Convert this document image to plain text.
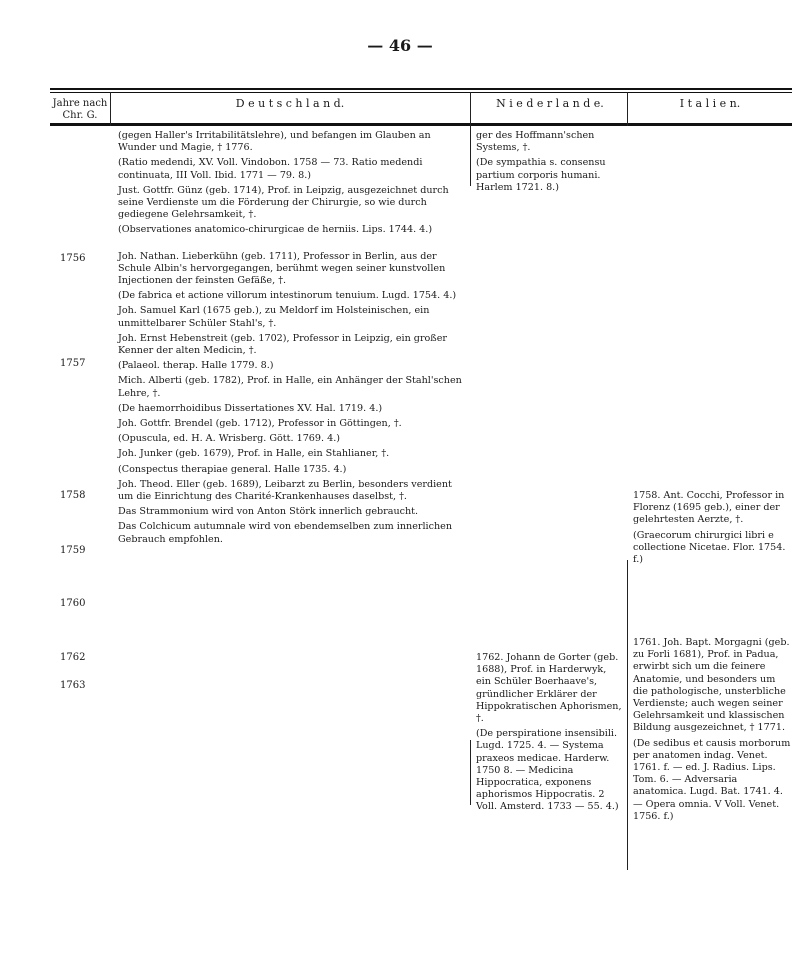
— 46 —
Jahre nach Chr. G.
D e u t s c h l a n d.	N i e d e r l a n d e.	I t a l i e n.
1756
1757
1758
1759
1760
1762
1763

(gegen Haller's Irritabilitätslehre), und befangen im Glauben an Wunder und Magie, † 1776.

(Ratio medendi, XV. Voll. Vindobon. 1758 — 73. Ratio medendi continuata, III Voll. Ibid. 1771 — 79. 8.)

Just. Gottfr. Günz (geb. 1714), Prof. in Leipzig, ausgezeichnet durch seine Verdienste um die Förderung der Chirurgie, so wie durch gediegene Gelehrsamkeit, †.

(Observationes anatomico-chirurgicae de herniis. Lips. 1744. 4.)

Joh. Nathan. Lieberkühn (geb. 1711), Professor in Berlin, aus der Schule Albin's hervorgegangen, berühmt wegen seiner kunstvollen Injectionen der feinsten Gefäße, †.

(De fabrica et actione villorum intestinorum tenuium. Lugd. 1754. 4.)

Joh. Samuel Karl (1675 geb.), zu Meldorf im Holsteinischen, ein unmittelbarer Schüler Stahl's, †.

Joh. Ernst Hebenstreit (geb. 1702), Professor in Leipzig, ein großer Kenner der alten Medicin, †.

(Palaeol. therap. Halle 1779. 8.)

Mich. Alberti (geb. 1782), Prof. in Halle, ein Anhänger der Stahl'schen Lehre, †.

(De haemorrhoidibus Dissertationes XV. Hal. 1719. 4.)

Joh. Gottfr. Brendel (geb. 1712), Professor in Göttingen, †.

(Opuscula, ed. H. A. Wrisberg. Gött. 1769. 4.)

Joh. Junker (geb. 1679), Prof. in Halle, ein Stahlianer, †.

(Conspectus therapiae general. Halle 1735. 4.)

Joh. Theod. Eller (geb. 1689), Leibarzt zu Berlin, besonders verdient um die Einrichtung des Charité-Krankenhauses daselbst, †.

Das Strammonium wird von Anton Störk innerlich gebraucht.

Das Colchicum autumnale wird von ebendemselben zum innerlichen Gebrauch empfohlen.

ger des Hoffmann'schen Systems, †.

(De sympathia s. consensu partium corporis humani. Harlem 1721. 8.)

1762. Johann de Gorter (geb. 1688), Prof. in Harderwyk, ein Schüler Boerhaave's, gründlicher Erklärer der Hippokratischen Aphorismen, †.

(De perspiratione insensibili. Lugd. 1725. 4. — Systema praxeos medicae. Harderw. 1750 8. — Medicina Hippocratica, exponens aphorismos Hippocratis. 2 Voll. Amsterd. 1733 — 55. 4.)

1758. Ant. Cocchi, Professor in Florenz (1695 geb.), einer der gelehrtesten Aerzte, †.

(Graecorum chirurgici libri e collectione Nicetae. Flor. 1754. f.)

1761. Joh. Bapt. Morgagni (geb. zu Forli 1681), Prof. in Padua, erwirbt sich um die feinere Anatomie, und besonders um die pathologische, unsterbliche Verdienste; auch wegen seiner Gelehrsamkeit und klassischen Bildung ausgezeichnet, † 1771.

(De sedibus et causis morborum per anatomen indag. Venet. 1761. f. — ed. J. Radius. Lips. Tom. 6. — Adversaria anatomica. Lugd. Bat. 1741. 4. — Opera omnia. V Voll. Venet. 1756. f.)
